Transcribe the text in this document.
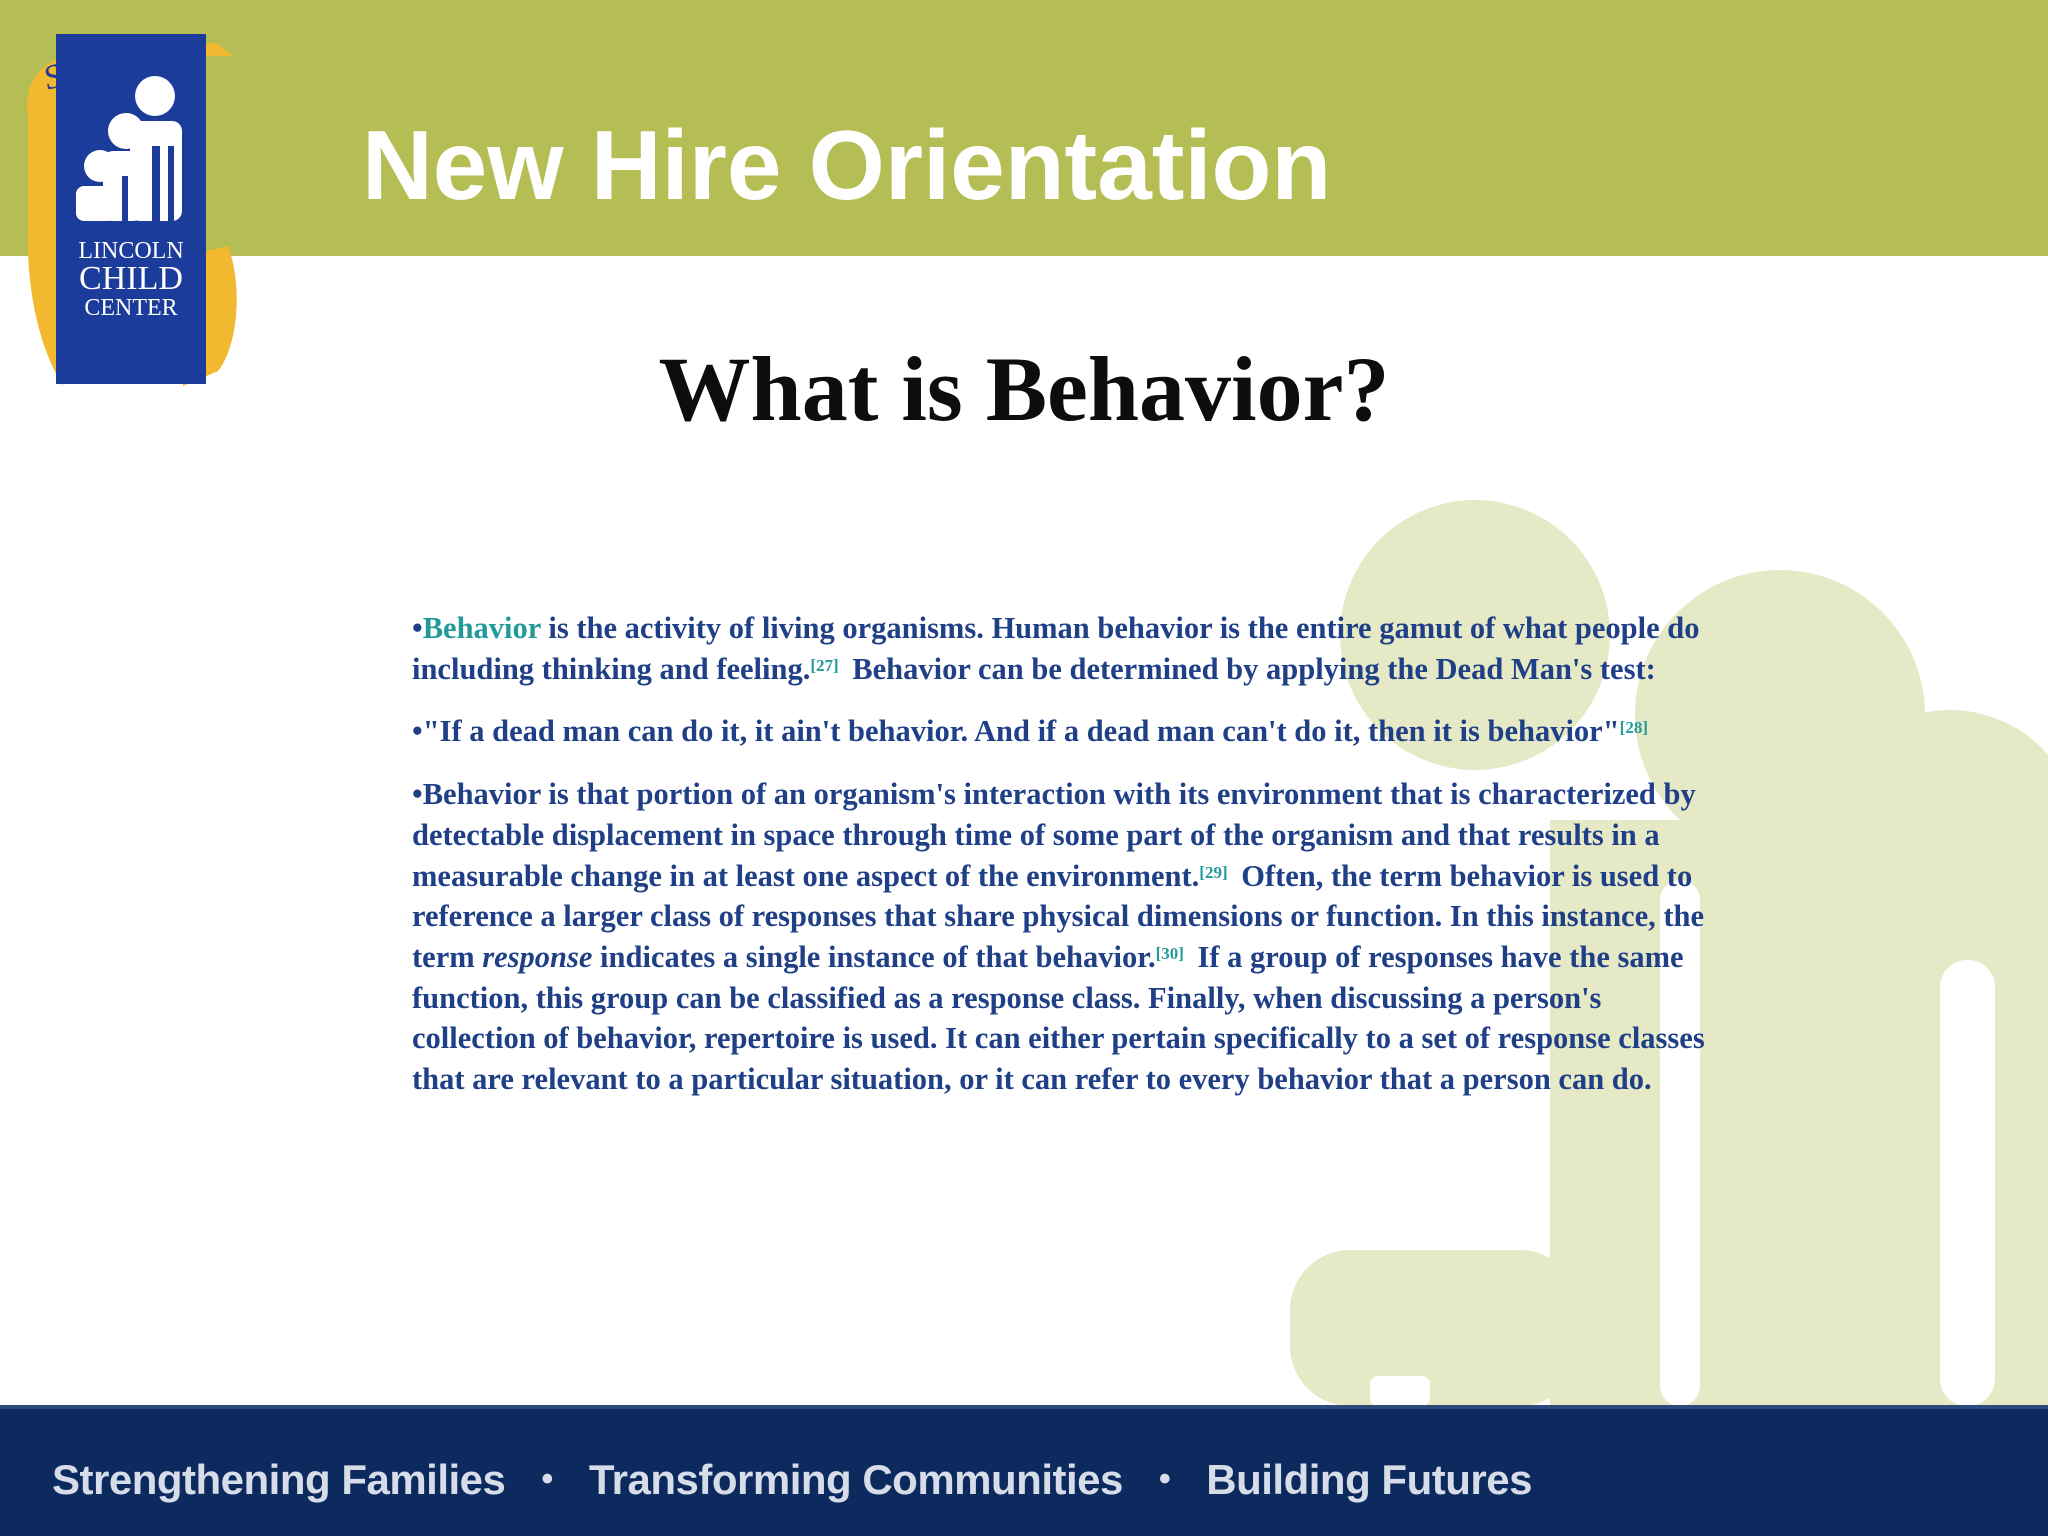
New Hire Orientation
Since
LINCOLN
CHILD
CENTER
1883	What is Behavior?

•Behavior is the activity of living organisms. Human behavior is the entire gamut of what people do including thinking and feeling.[27] Behavior can be determined by applying the Dead Man's test:

•"If a dead man can do it, it ain't behavior. And if a dead man can't do it, then it is behavior"[28]

•Behavior is that portion of an organism's interaction with its environment that is characterized by detectable displacement in space through time of some part of the organism and that results in a measurable change in at least one aspect of the environment.[29] Often, the term behavior is used to reference a larger class of responses that share physical dimensions or function. In this instance, the term response indicates a single instance of that behavior.[30] If a group of responses have the same function, this group can be classified as a response class. Finally, when discussing a person's collection of behavior, repertoire is used. It can either pertain specifically to a set of response classes that are relevant to a particular situation, or it can refer to every behavior that a person can do.

Strengthening Families • Transforming Communities • Building Futures
